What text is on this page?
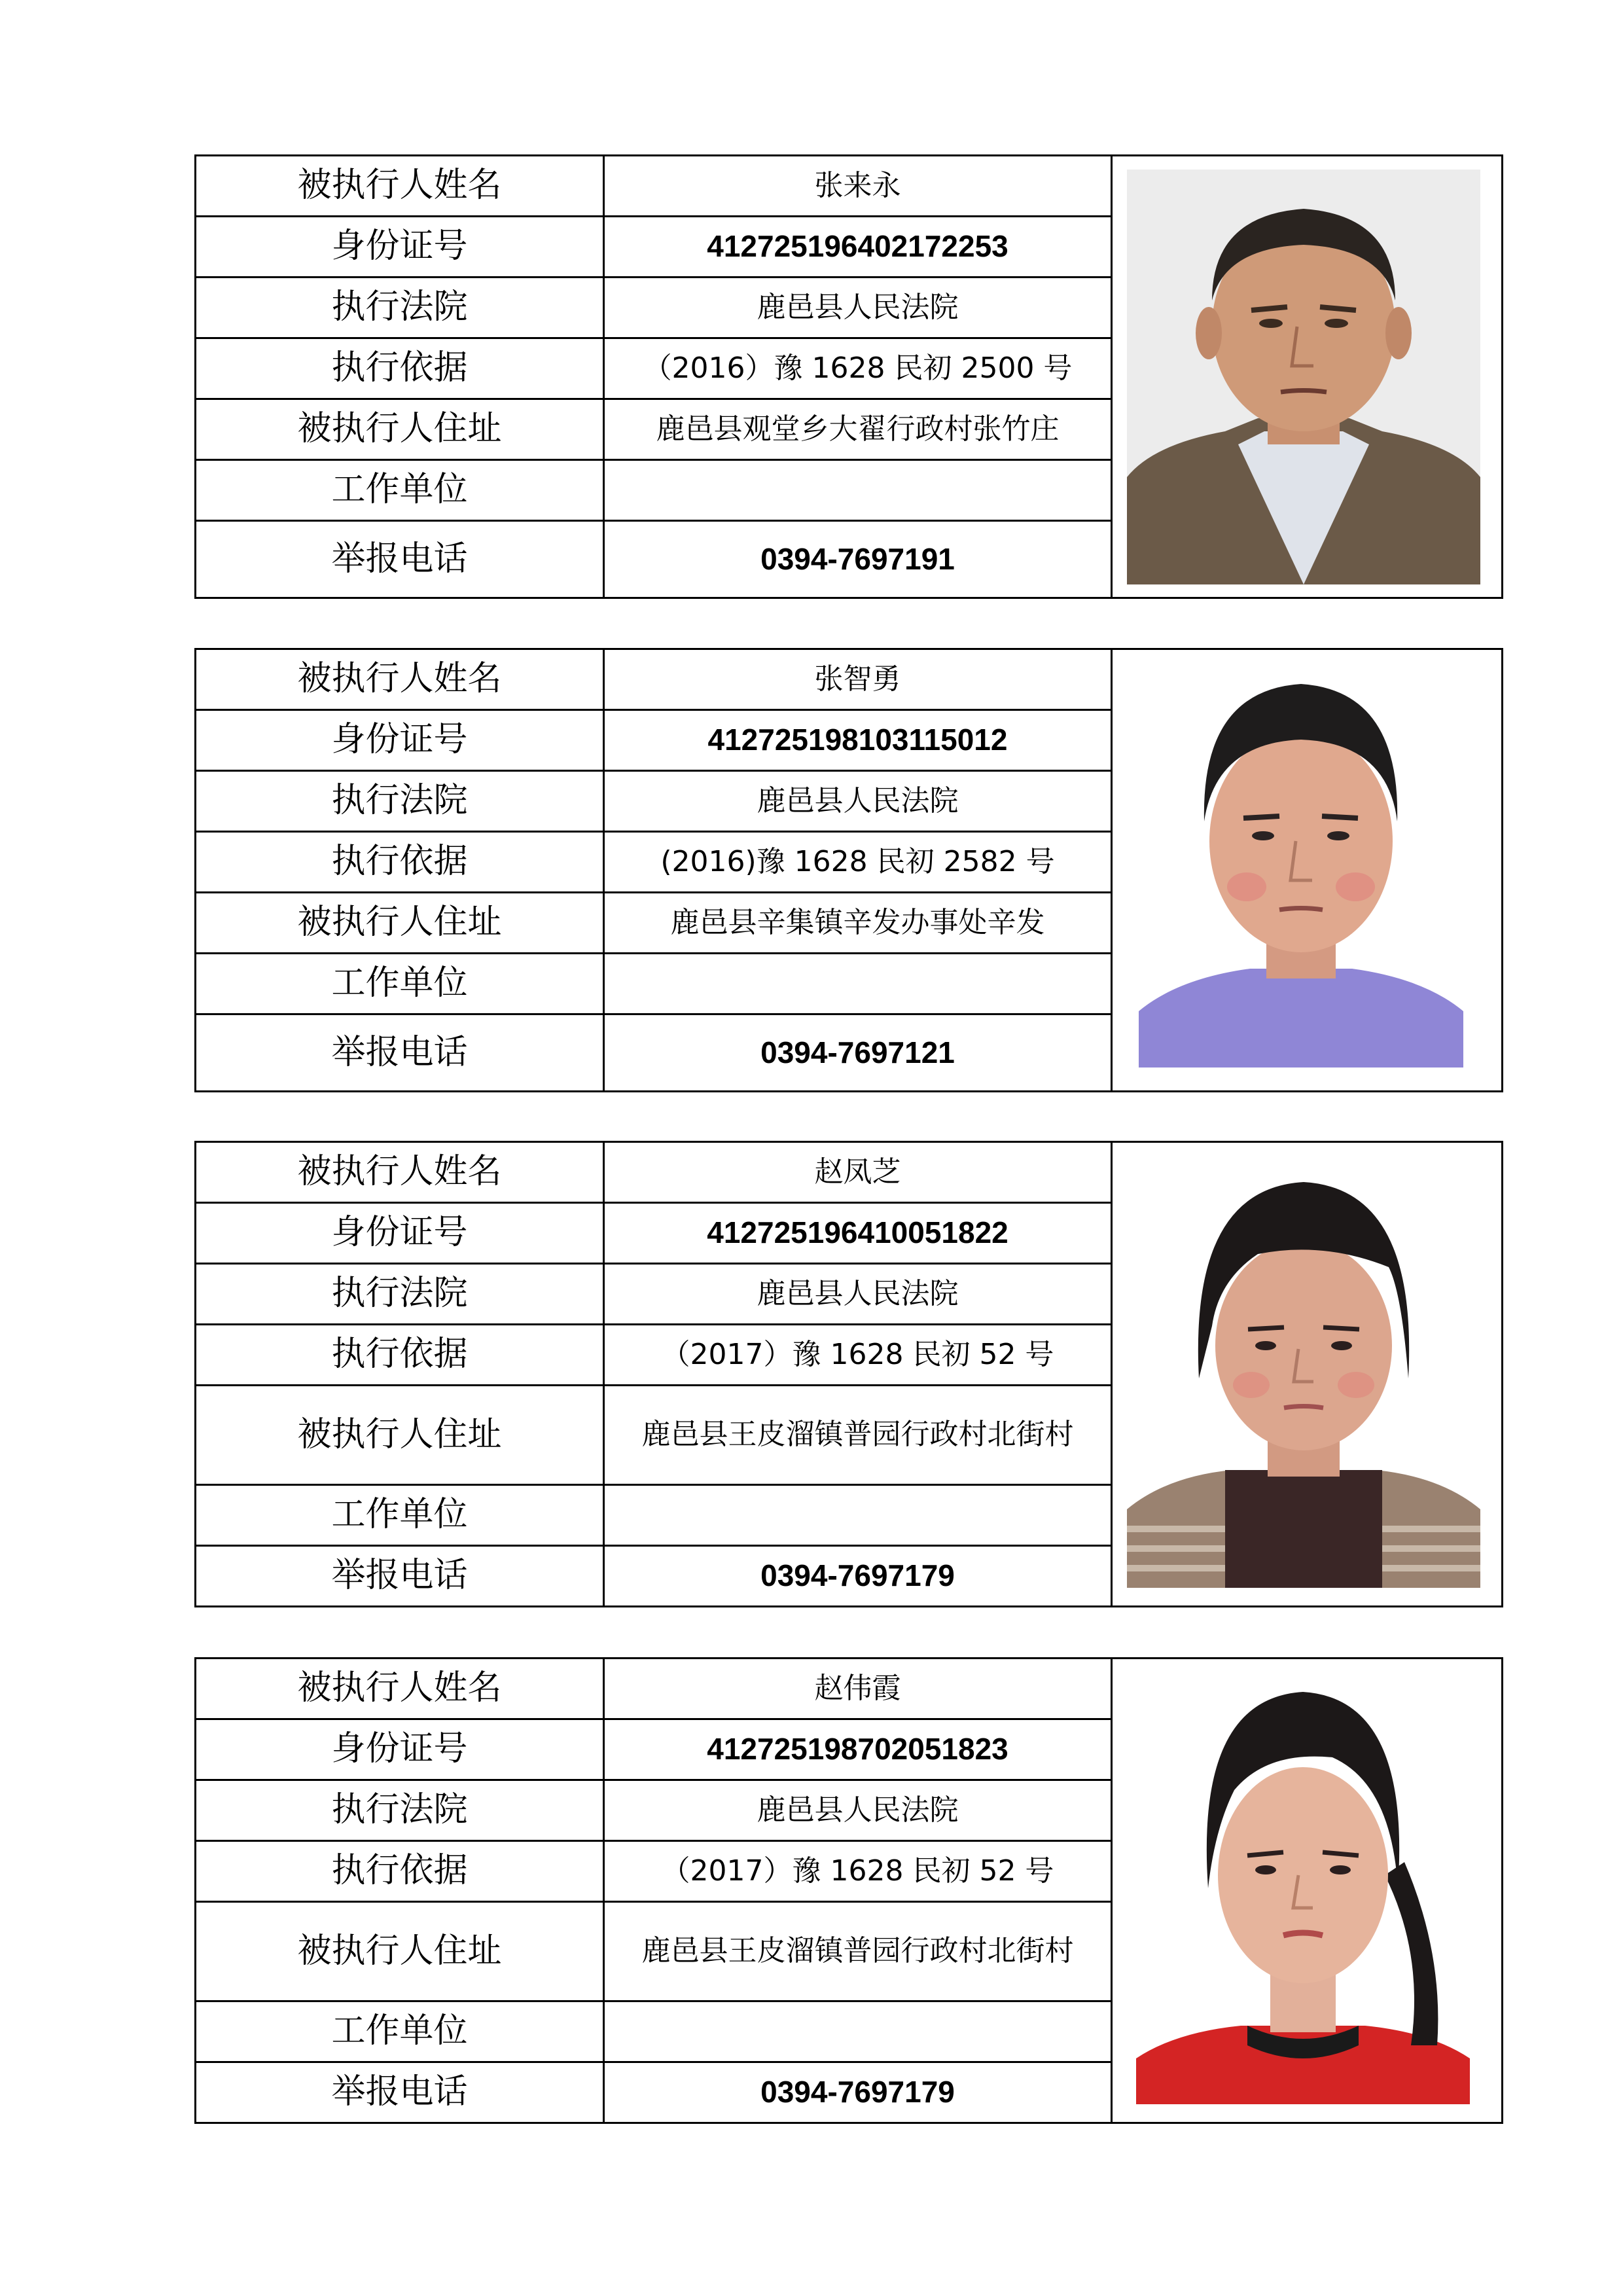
被执行人姓名	张来永	

身份证号	412725196402172253	
执行法院	鹿邑县人民法院	
执行依据	（2016）豫 1628 民初 2500 号	
被执行人住址	鹿邑县观堂乡大翟行政村张竹庄	
工作单位		
举报电话	0394-7697191	
被执行人姓名	张智勇	

身份证号	412725198103115012	
执行法院	鹿邑县人民法院	
执行依据	(2016)豫 1628 民初 2582 号	
被执行人住址	鹿邑县辛集镇辛发办事处辛发	
工作单位		
举报电话	0394-7697121	
被执行人姓名	赵凤芝	

身份证号	412725196410051822	
执行法院	鹿邑县人民法院	
执行依据	（2017）豫 1628 民初 52 号	
被执行人住址	鹿邑县王皮溜镇普园行政村北街村	
工作单位		
举报电话	0394-7697179	
被执行人姓名	赵伟霞	

身份证号	412725198702051823	
执行法院	鹿邑县人民法院	
执行依据	（2017）豫 1628 民初 52 号	
被执行人住址	鹿邑县王皮溜镇普园行政村北街村	
工作单位		
举报电话	0394-7697179	
